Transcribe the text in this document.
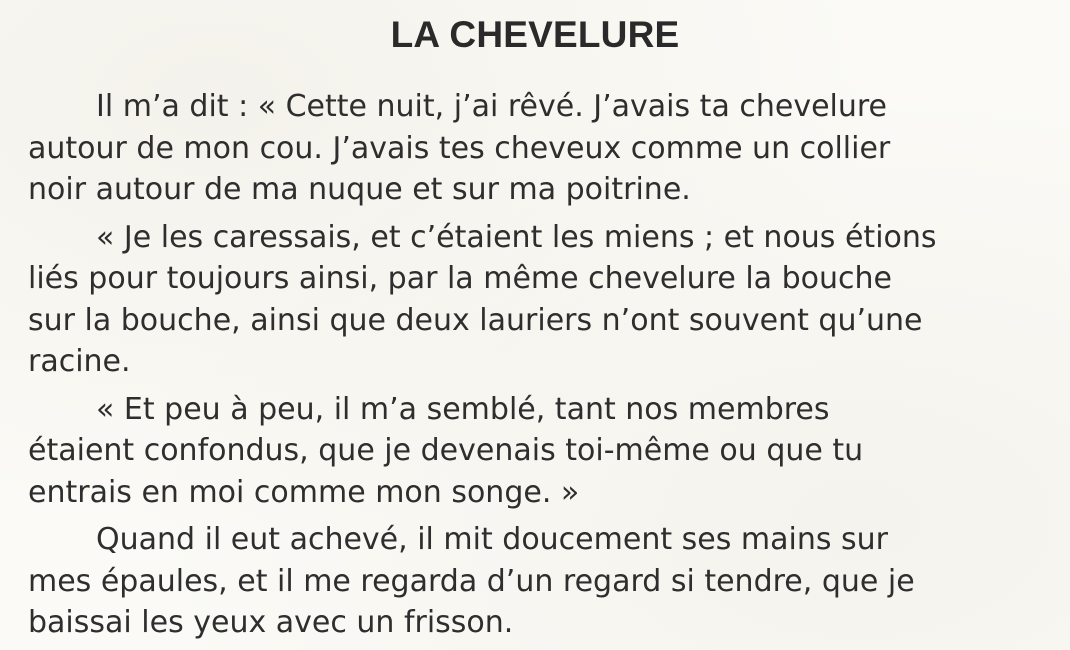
LA CHEVELURE
Il m’a dit : « Cette nuit, j’ai rêvé. J’avais ta chevelure
autour de mon cou. J’avais tes cheveux comme un collier
noir autour de ma nuque et sur ma poitrine.
« Je les caressais, et c’étaient les miens ; et nous étions
liés pour toujours ainsi, par la même chevelure la bouche
sur la bouche, ainsi que deux lauriers n’ont souvent qu’une
racine.
« Et peu à peu, il m’a semblé, tant nos membres
étaient confondus, que je devenais toi-même ou que tu
entrais en moi comme mon songe. »
Quand il eut achevé, il mit doucement ses mains sur
mes épaules, et il me regarda d’un regard si tendre, que je
baissai les yeux avec un frisson.
